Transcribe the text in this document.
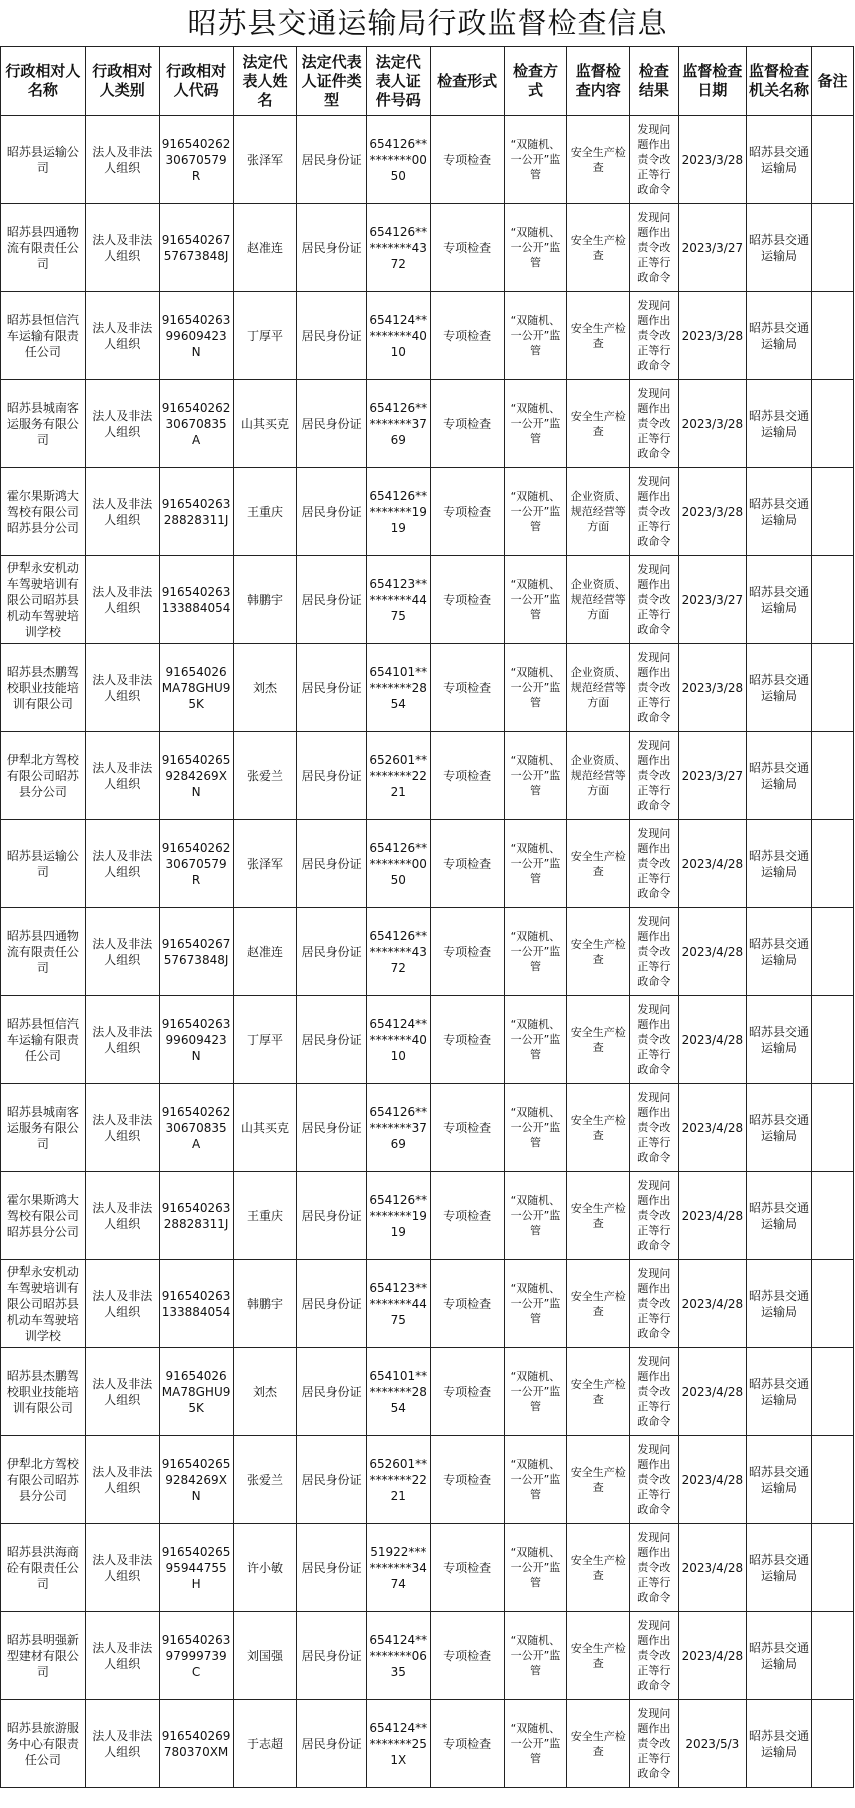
昭苏县交通运输局行政监督检查信息
行政相对人名称	行政相对人类别	行政相对人代码	法定代表人姓名	法定代表人证件类型	法定代表人证件号码	检查形式	检查方式	监督检查内容	检查结果	监督检查日期	监督检查机关名称	备注
昭苏县运输公司	法人及非法人组织	91654026230670579R	张泽军	居民身份证	654126*********0050	专项检查	“双随机、一公开”监管	安全生产检查	发现问题作出责令改正等行政命令	2023/3/28	昭苏县交通运输局	
昭苏县四通物流有限责任公司	法人及非法人组织	91654026757673848J	赵准连	居民身份证	654126*********4372	专项检查	“双随机、一公开”监管	安全生产检查	发现问题作出责令改正等行政命令	2023/3/27	昭苏县交通运输局	
昭苏县恒信汽车运输有限责任公司	法人及非法人组织	91654026399609423N	丁厚平	居民身份证	654124*********4010	专项检查	“双随机、一公开”监管	安全生产检查	发现问题作出责令改正等行政命令	2023/3/28	昭苏县交通运输局	
昭苏县城南客运服务有限公司	法人及非法人组织	91654026230670835A	山其买克	居民身份证	654126*********3769	专项检查	“双随机、一公开”监管	安全生产检查	发现问题作出责令改正等行政命令	2023/3/28	昭苏县交通运输局	
霍尔果斯鸿大驾校有限公司昭苏县分公司	法人及非法人组织	91654026328828311J	王重庆	居民身份证	654126*********1919	专项检查	“双随机、一公开”监管	企业资质、规范经营等方面	发现问题作出责令改正等行政命令	2023/3/28	昭苏县交通运输局	
伊犁永安机动车驾驶培训有限公司昭苏县机动车驾驶培训学校	法人及非法人组织	916540263133884054	韩鹏宇	居民身份证	654123*********4475	专项检查	“双随机、一公开”监管	企业资质、规范经营等方面	发现问题作出责令改正等行政命令	2023/3/27	昭苏县交通运输局	
昭苏县杰鹏驾校职业技能培训有限公司	法人及非法人组织	91654026MA78GHU95K	刘杰	居民身份证	654101*********2854	专项检查	“双随机、一公开”监管	企业资质、规范经营等方面	发现问题作出责令改正等行政命令	2023/3/28	昭苏县交通运输局	
伊犁北方驾校有限公司昭苏县分公司	法人及非法人组织	9165402659284269XN	张爱兰	居民身份证	652601*********2221	专项检查	“双随机、一公开”监管	企业资质、规范经营等方面	发现问题作出责令改正等行政命令	2023/3/27	昭苏县交通运输局	
昭苏县运输公司	法人及非法人组织	91654026230670579R	张泽军	居民身份证	654126*********0050	专项检查	“双随机、一公开”监管	安全生产检查	发现问题作出责令改正等行政命令	2023/4/28	昭苏县交通运输局	
昭苏县四通物流有限责任公司	法人及非法人组织	91654026757673848J	赵准连	居民身份证	654126*********4372	专项检查	“双随机、一公开”监管	安全生产检查	发现问题作出责令改正等行政命令	2023/4/28	昭苏县交通运输局	
昭苏县恒信汽车运输有限责任公司	法人及非法人组织	91654026399609423N	丁厚平	居民身份证	654124*********4010	专项检查	“双随机、一公开”监管	安全生产检查	发现问题作出责令改正等行政命令	2023/4/28	昭苏县交通运输局	
昭苏县城南客运服务有限公司	法人及非法人组织	91654026230670835A	山其买克	居民身份证	654126*********3769	专项检查	“双随机、一公开”监管	安全生产检查	发现问题作出责令改正等行政命令	2023/4/28	昭苏县交通运输局	
霍尔果斯鸿大驾校有限公司昭苏县分公司	法人及非法人组织	91654026328828311J	王重庆	居民身份证	654126*********1919	专项检查	“双随机、一公开”监管	安全生产检查	发现问题作出责令改正等行政命令	2023/4/28	昭苏县交通运输局	
伊犁永安机动车驾驶培训有限公司昭苏县机动车驾驶培训学校	法人及非法人组织	916540263133884054	韩鹏宇	居民身份证	654123*********4475	专项检查	“双随机、一公开”监管	安全生产检查	发现问题作出责令改正等行政命令	2023/4/28	昭苏县交通运输局	
昭苏县杰鹏驾校职业技能培训有限公司	法人及非法人组织	91654026MA78GHU95K	刘杰	居民身份证	654101*********2854	专项检查	“双随机、一公开”监管	安全生产检查	发现问题作出责令改正等行政命令	2023/4/28	昭苏县交通运输局	
伊犁北方驾校有限公司昭苏县分公司	法人及非法人组织	9165402659284269XN	张爱兰	居民身份证	652601*********2221	专项检查	“双随机、一公开”监管	安全生产检查	发现问题作出责令改正等行政命令	2023/4/28	昭苏县交通运输局	
昭苏县洪海商砼有限责任公司	法人及非法人组织	91654026595944755H	许小敏	居民身份证	51922**********3474	专项检查	“双随机、一公开”监管	安全生产检查	发现问题作出责令改正等行政命令	2023/4/28	昭苏县交通运输局	
昭苏县明强新型建材有限公司	法人及非法人组织	91654026397999739C	刘国强	居民身份证	654124*********0635	专项检查	“双随机、一公开”监管	安全生产检查	发现问题作出责令改正等行政命令	2023/4/28	昭苏县交通运输局	
昭苏县旅游服务中心有限责任公司	法人及非法人组织	916540269780370XM	于志超	居民身份证	654124*********251X	专项检查	“双随机、一公开”监管	安全生产检查	发现问题作出责令改正等行政命令	2023/5/3	昭苏县交通运输局	
